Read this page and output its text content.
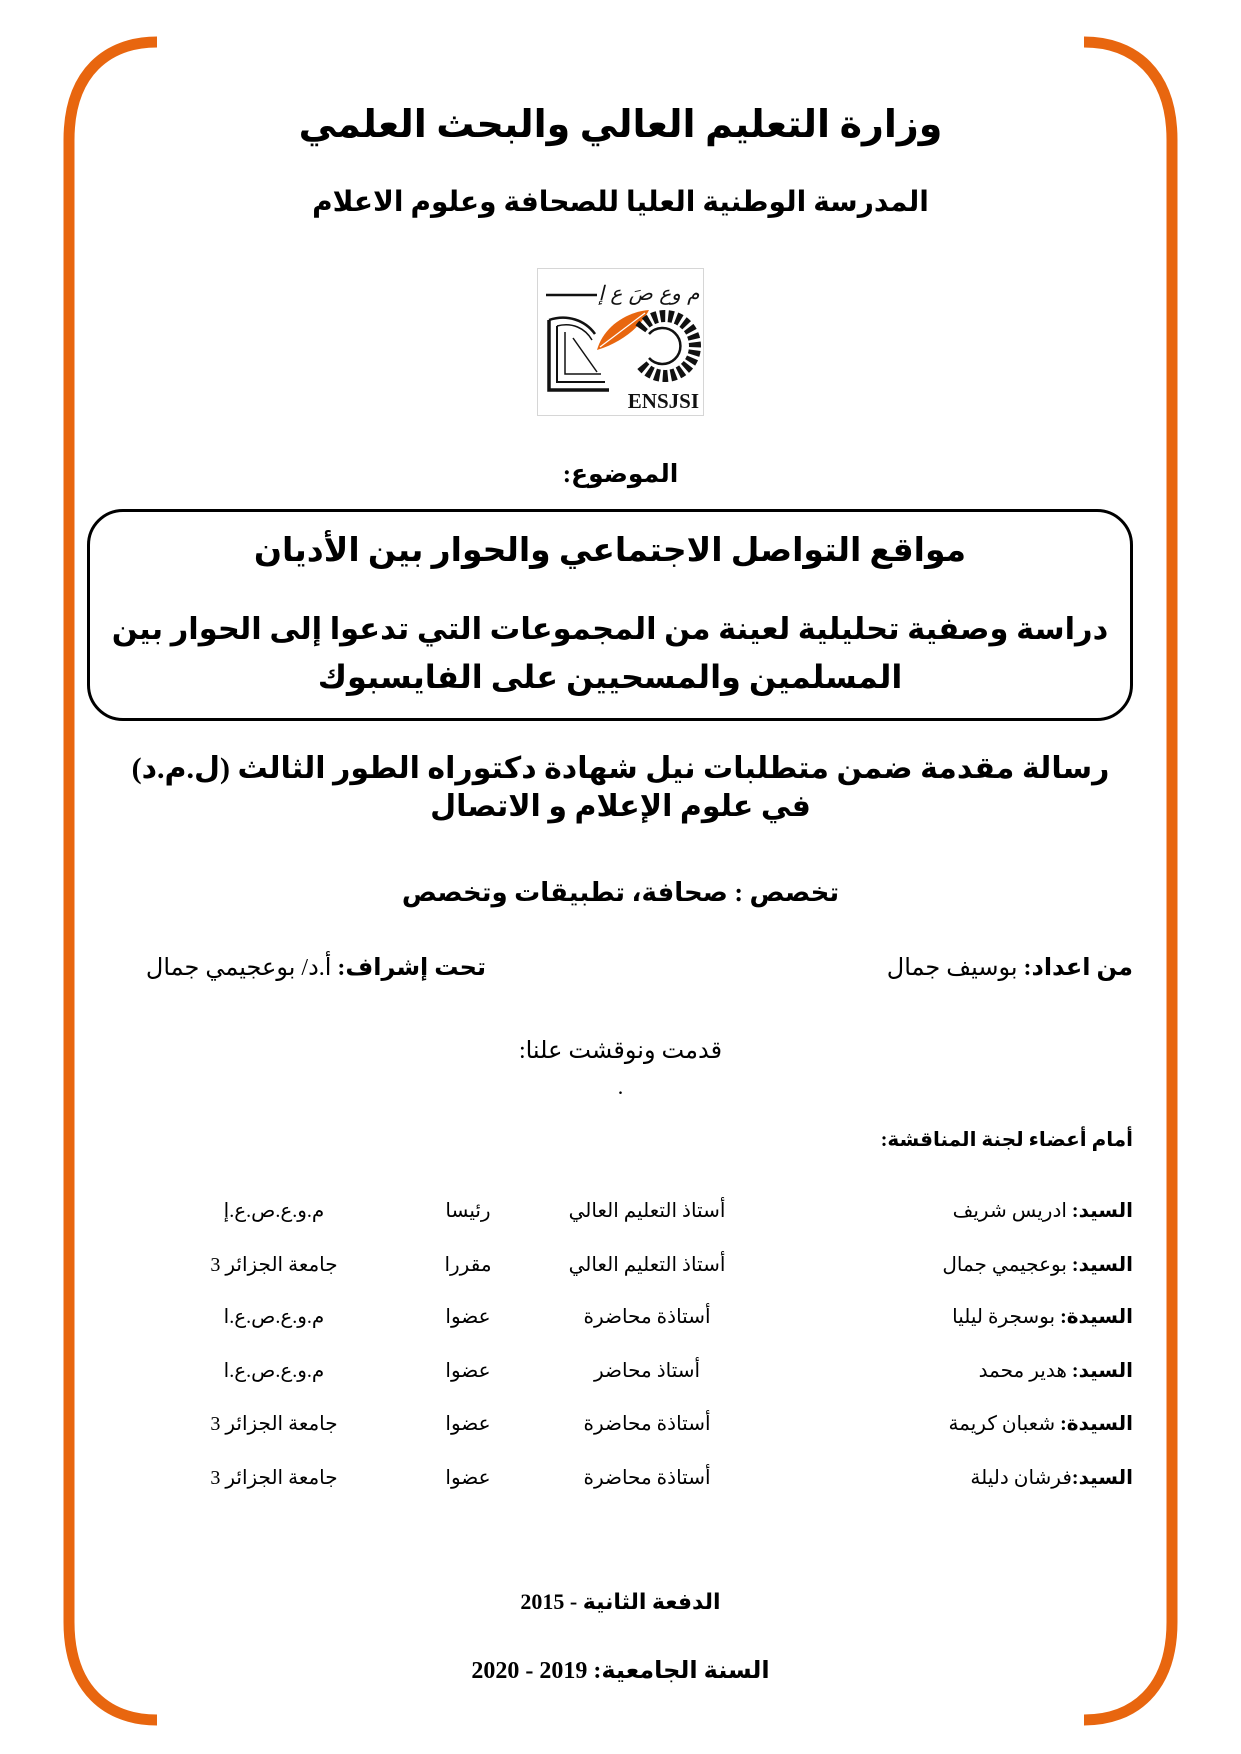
وزارة التعليم العالي والبحث العلمي
المدرسة الوطنية العليا للصحافة وعلوم الاعلام
م وع صَ ع إ
ENSJSI
الموضوع:
مواقع التواصل الاجتماعي والحوار بين الأديان
دراسة وصفية تحليلية لعينة من المجموعات التي تدعوا إلى الحوار بين
المسلمين والمسحيين على الفايسبوك
رسالة مقدمة ضمن متطلبات نيل شهادة دكتوراه الطور الثالث (ل.م.د)
في علوم الإعلام و الاتصال
تخصص : صحافة، تطبيقات وتخصص
من اعداد: بوسيف جمال
تحت إشراف: أ.د/ بوعجيمي جمال
قدمت ونوقشت علنا:
.
أمام أعضاء لجنة المناقشة:
السيد: ادريس شريف
أستاذ التعليم العالي
رئيسا
م.و.ع.ص.ع.إ
السيد: بوعجيمي جمال
أستاذ التعليم العالي
مقررا
جامعة الجزائر 3
السيدة: بوسجرة ليليا
أستاذة محاضرة
عضوا
م.و.ع.ص.ع.ا
السيد: هدير محمد
أستاذ محاضر
عضوا
م.و.ع.ص.ع.ا
السيدة: شعبان كريمة
أستاذة محاضرة
عضوا
جامعة الجزائر 3
السيد:فرشان دليلة
أستاذة محاضرة
عضوا
جامعة الجزائر 3
الدفعة الثانية - 2015
السنة الجامعية: 2019 - 2020
